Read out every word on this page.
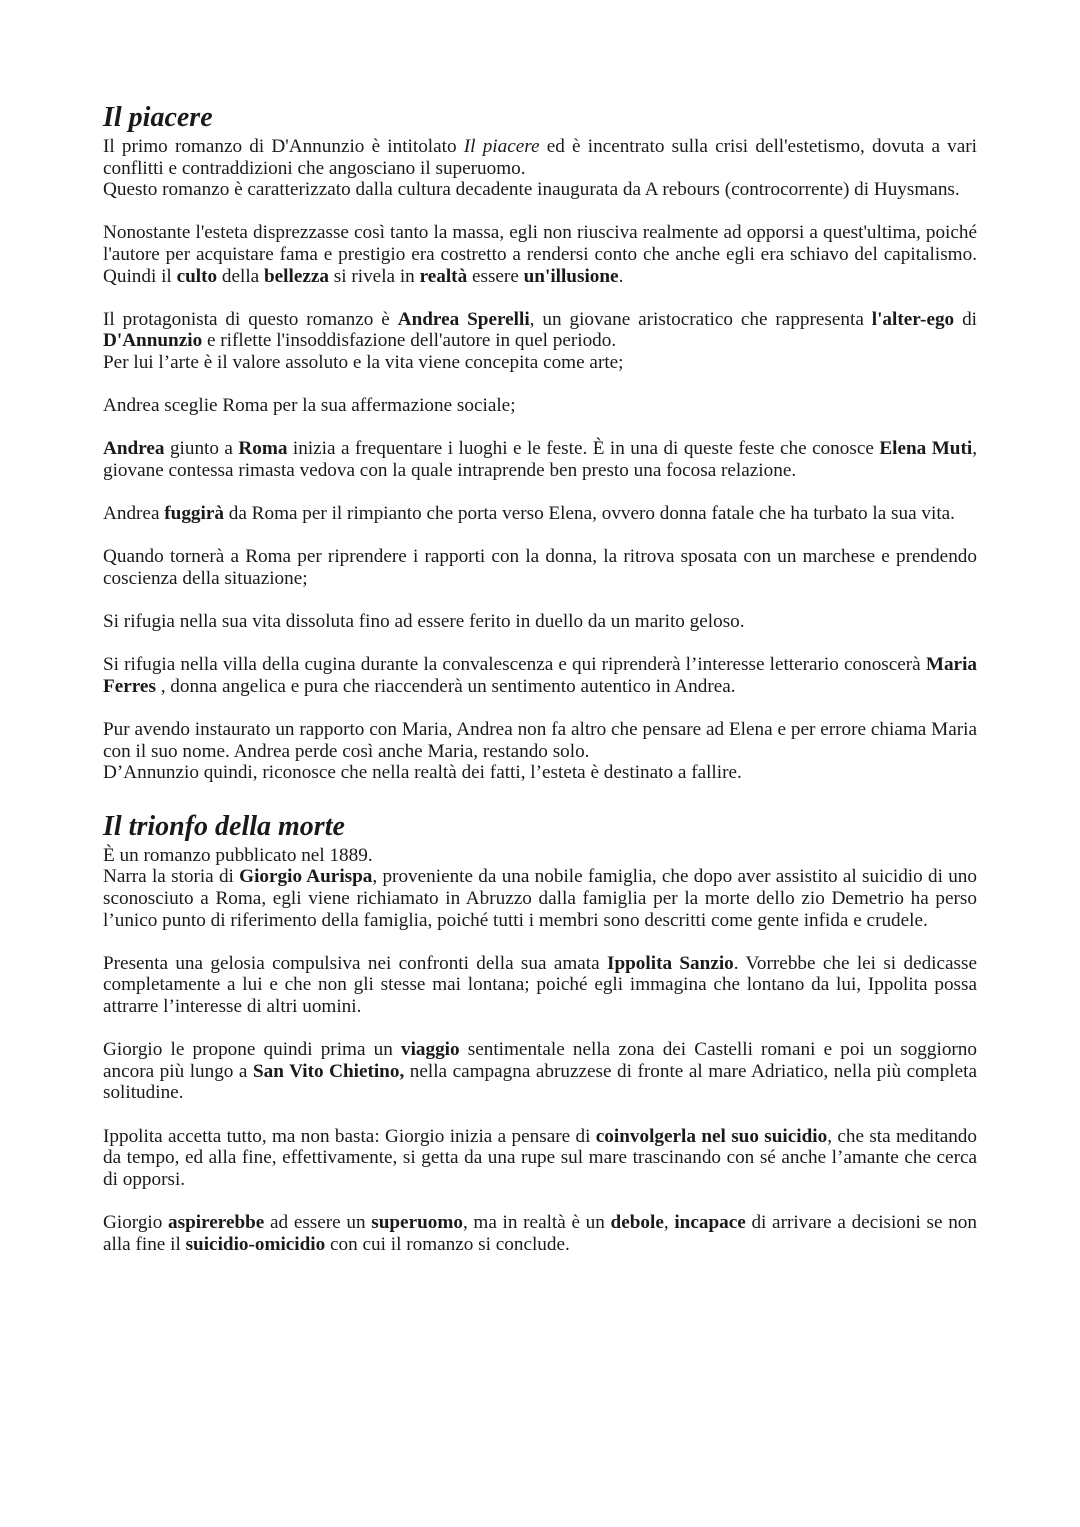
Il piacere

Il primo romanzo di D'Annunzio è intitolato Il piacere ed è incentrato sulla crisi dell'estetismo, dovuta a vari conflitti e contraddizioni che angosciano il superuomo.

Questo romanzo è caratterizzato dalla cultura decadente inaugurata da A rebours (controcorrente) di Huysmans.

Nonostante l'esteta disprezzasse così tanto la massa, egli non riusciva realmente ad opporsi a quest'ultima, poiché l'autore per acquistare fama e prestigio era costretto a rendersi conto che anche egli era schiavo del capitalismo. Quindi il culto della bellezza si rivela in realtà essere un'illusione.

Il protagonista di questo romanzo è Andrea Sperelli, un giovane aristocratico che rappresenta l'alter-ego di D'Annunzio e riflette l'insoddisfazione dell'autore in quel periodo.

Per lui l’arte è il valore assoluto e la vita viene concepita come arte;

Andrea sceglie Roma per la sua affermazione sociale;

Andrea giunto a Roma inizia a frequentare i luoghi e le feste. È in una di queste feste che conosce Elena Muti, giovane contessa rimasta vedova con la quale intraprende ben presto una focosa relazione.

Andrea fuggirà da Roma per il rimpianto che porta verso Elena, ovvero donna fatale che ha turbato la sua vita.

Quando tornerà a Roma per riprendere i rapporti con la donna, la ritrova sposata con un marchese e prendendo coscienza della situazione;

Si rifugia nella sua vita dissoluta fino ad essere ferito in duello da un marito geloso.

Si rifugia nella villa della cugina durante la convalescenza e qui riprenderà l’interesse letterario conoscerà Maria Ferres , donna angelica e pura che riaccenderà un sentimento autentico in Andrea.

Pur avendo instaurato un rapporto con Maria, Andrea non fa altro che pensare ad Elena e per errore chiama Maria con il suo nome. Andrea perde così anche Maria, restando solo.

D’Annunzio quindi, riconosce che nella realtà dei fatti, l’esteta è destinato a fallire.

Il trionfo della morte

È un romanzo pubblicato nel 1889.

Narra la storia di Giorgio Aurispa, proveniente da una nobile famiglia, che dopo aver assistito al suicidio di uno sconosciuto a Roma, egli viene richiamato in Abruzzo dalla famiglia per la morte dello zio Demetrio ha perso l’unico punto di riferimento della famiglia, poiché tutti i membri sono descritti come gente infida e crudele.

Presenta una gelosia compulsiva nei confronti della sua amata Ippolita Sanzio. Vorrebbe che lei si dedicasse completamente a lui e che non gli stesse mai lontana; poiché egli immagina che lontano da lui, Ippolita possa attrarre l’interesse di altri uomini.

Giorgio le propone quindi prima un viaggio sentimentale nella zona dei Castelli romani e poi un soggiorno ancora più lungo a San Vito Chietino, nella campagna abruzzese di fronte al mare Adriatico, nella più completa solitudine.

Ippolita accetta tutto, ma non basta: Giorgio inizia a pensare di coinvolgerla nel suo suicidio, che sta meditando da tempo, ed alla fine, effettivamente, si getta da una rupe sul mare trascinando con sé anche l’amante che cerca di opporsi.

Giorgio aspirerebbe ad essere un superuomo, ma in realtà è un debole, incapace di arrivare a decisioni se non alla fine il suicidio-omicidio con cui il romanzo si conclude.
